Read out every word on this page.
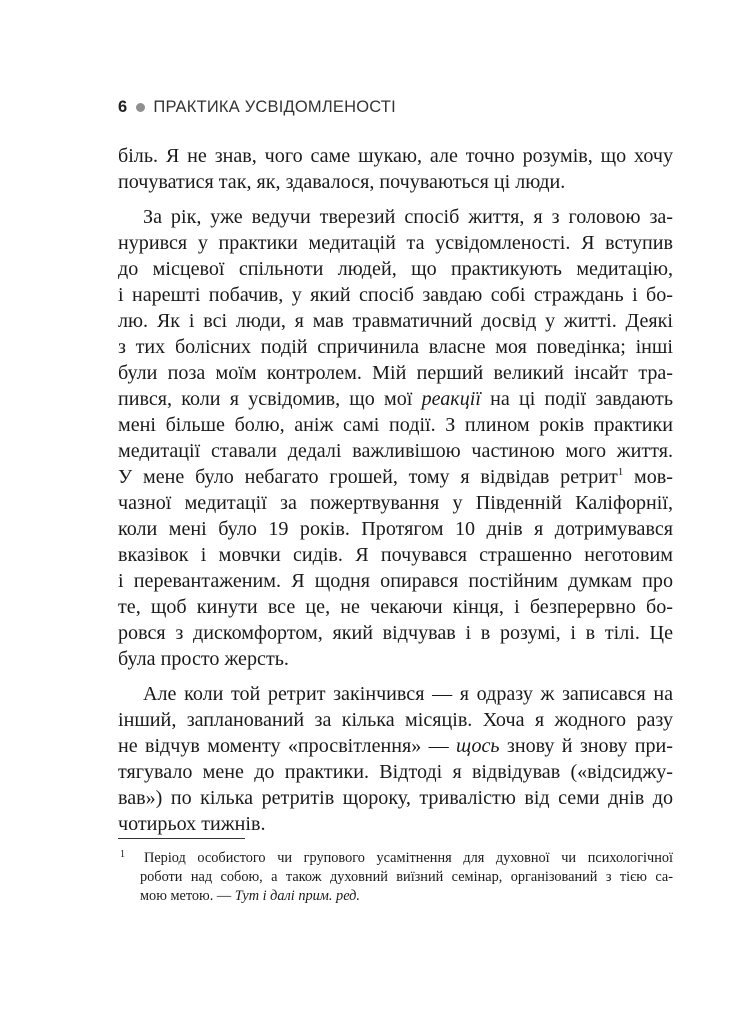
6 ПРАКТИКА УСВІДОМЛЕНОСТІ
біль. Я не знав, чого саме шукаю, але точно розумів, що хочу
почуватися так, як, здавалося, почуваються ці люди.
За рік, уже ведучи тверезий спосіб життя, я з головою за-
нурився у практики медитацій та усвідомленості. Я вступив
до місцевої спільноти людей, що практикують медитацію,
і нарешті побачив, у який спосіб завдаю собі страждань і бо-
лю. Як і всі люди, я мав травматичний досвід у житті. Деякі
з тих болісних подій спричинила власне моя поведінка; інші
були поза моїм контролем. Мій перший великий інсайт тра-
пився, коли я усвідомив, що мої реакції на ці події завдають
мені більше болю, аніж самі події. З плином років практики
медитації ставали дедалі важливішою частиною мого життя.
У мене було небагато грошей, тому я відвідав ретрит$^1$ мов-
чазної медитації за пожертвування у Південній Каліфорнії,
коли мені було 19 років. Протягом 10 днів я дотримувався
вказівок і мовчки сидів. Я почувався страшенно неготовим
і перевантаженим. Я щодня опирався постійним думкам про
те, щоб кинути все це, не чекаючи кінця, і безперервно бо-
ровся з дискомфортом, який відчував і в розумі, і в тілі. Це
була просто жерсть.
Але коли той ретрит закінчився — я одразу ж записався на
інший, запланований за кілька місяців. Хоча я жодного разу
не відчув моменту «просвітлення» — щось знову й знову при-
тягувало мене до практики. Відтоді я відвідував («відсиджу-
вав») по кілька ретритів щороку, тривалістю від семи днів до
чотирьох тижнів.
1 Період особистого чи групового усамітнення для духовної чи психологічної
роботи над собою, а також духовний виїзний семінар, організований з тією са-
мою метою. — Тут і далі прим. ред.
